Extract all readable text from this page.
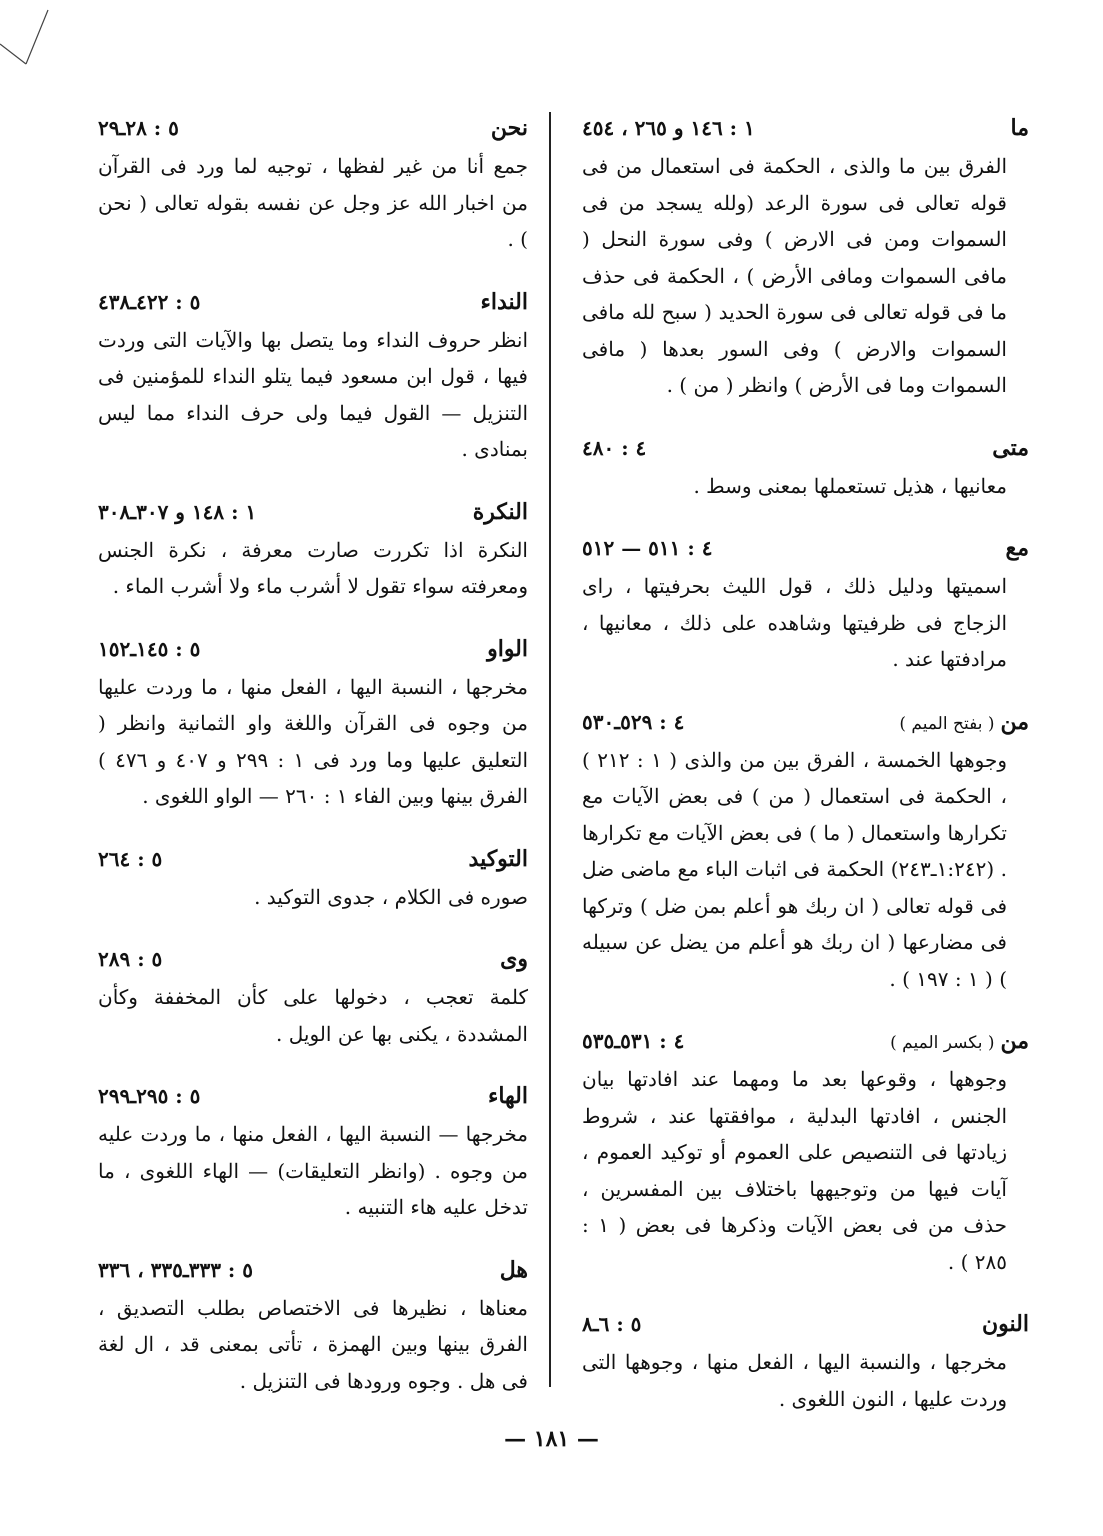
ما
١ : ١٤٦ و ٢٦٥ ، ٤٥٤
الفرق بين ما والذى ، الحكمة فى استعمال من فى قوله تعالى فى سورة الرعد (ولله يسجد من فى السموات ومن فى الارض ) وفى سورة النحل ( مافى السموات ومافى الأرض ) ، الحكمة فى حذف ما فى قوله تعالى فى سورة الحديد ( سبح لله مافى السموات والارض ) وفى السور بعدها ( مافى السموات وما فى الأرض ) وانظر ( من ) .
متى
٤ : ٤٨٠
معانيها ، هذيل تستعملها بمعنى وسط .
مع
٤ : ٥١١ — ٥١٢
اسميتها ودليل ذلك ، قول الليث بحرفيتها ، راى الزجاج فى ظرفيتها وشاهده على ذلك ، معانيها ، مرادفتها عند .
من( بفتح الميم )
٤ : ٥٢٩ـ٥٣٠
وجوهها الخمسة ، الفرق بين من والذى ( ١ : ٢١٢ ) ، الحكمة فى استعمال ( من ) فى بعض الآيات مع تكرارها واستعمال ( ما ) فى بعض الآيات مع تكرارها . (١:٢٤٢ـ٢٤٣) الحكمة فى اثبات الباء مع ماضى ضل فى قوله تعالى ( ان ربك هو أعلم بمن ضل ) وتركها فى مضارعها ( ان ربك هو أعلم من يضل عن سبيله ) ( ١ : ١٩٧ ) .
من( بكسر الميم )
٤ : ٥٣١ـ٥٣٥
وجوهها ، وقوعها بعد ما ومهما عند افادتها بيان الجنس ، افادتها البدلية ، موافقتها عند ، شروط زيادتها فى التنصيص على العموم أو توكيد العموم ، آيات فيها من وتوجيهها باختلاف بين المفسرين ، حذف من فى بعض الآيات وذكرها فى بعض ( ١ : ٢٨٥ ) .
النون
٥ : ٦ـ٨
مخرجها ، والنسبة اليها ، الفعل منها ، وجوهها التى وردت عليها ، النون اللغوى .
نحن
٥ : ٢٨ـ٢٩
جمع أنا من غير لفظها ، توجيه لما ورد فى القرآن من اخبار الله عز وجل عن نفسه بقوله تعالى ( نحن ) .
النداء
٥ : ٤٢٢ـ٤٣٨
انظر حروف النداء وما يتصل بها والآيات التى وردت فيها ، قول ابن مسعود فيما يتلو النداء للمؤمنين فى التنزيل — القول فيما ولى حرف النداء مما ليس بمنادى .
النكرة
١ : ١٤٨ و ٣٠٧ـ٣٠٨
النكرة اذا تكررت صارت معرفة ، نكرة الجنس ومعرفته سواء تقول لا أشرب ماء ولا أشرب الماء .
الواو
٥ : ١٤٥ـ١٥٢
مخرجها ، النسبة اليها ، الفعل منها ، ما وردت عليها من وجوه فى القرآن واللغة واو الثمانية وانظر ( التعليق عليها وما ورد فى ١ : ٢٩٩ و ٤٠٧ و ٤٧٦ ) الفرق بينها وبين الفاء ١ : ٢٦٠ — الواو اللغوى .
التوكيد
٥ : ٢٦٤
صوره فى الكلام ، جدوى التوكيد .
وى
٥ : ٢٨٩
كلمة تعجب ، دخولها على كأن المخففة وكأن المشددة ، يكنى بها عن الويل .
الهاء
٥ : ٢٩٥ـ٢٩٩
مخرجها — النسبة اليها ، الفعل منها ، ما وردت عليه من وجوه . (وانظر التعليقات) — الهاء اللغوى ، ما تدخل عليه هاء التنبيه .
هل
٥ : ٣٣٣ـ٣٣٥ ، ٣٣٦
معناها ، نظيرها فى الاختصاص بطلب التصديق ، الفرق بينها وبين الهمزة ، تأتى بمعنى قد ، ال لغة فى هل . وجوه ورودها فى التنزيل .
— ١٨١ —
